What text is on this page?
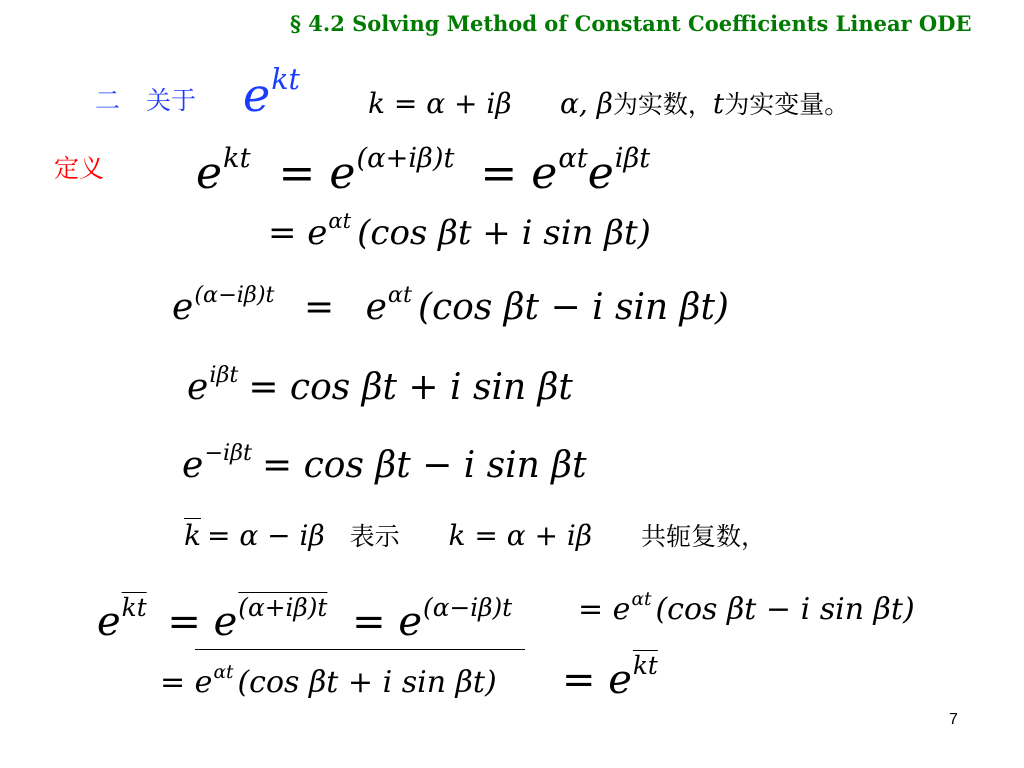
§ 4.2 Solving Method of Constant Coefficients Linear ODE
二 关于 $e^{kt}$
k = α + iβ α, β为实数，t为实变量。
定义 $e^{kt} = e^{(\alpha+i\beta)t} = e^{\alpha t}e^{i\beta t}$
= $e^{\alpha t}$ (cos βt + i sin βt)
$e^{(\alpha-i\beta)t} = e^{\alpha t}$ (cos βt − i sin βt)
$e^{i\beta t} = \cos \beta t + i$ sin βt
$e^{-i\beta t} = \cos \beta t - i$ sin βt
$\overline{k} = \alpha - i\beta$ 表示 k = α + iβ 共轭复数，
$e^{\overline{kt}} = e^{(\alpha+i\beta)t} = e^{(\alpha-i\beta)t} = e^{\alpha t}$ (cos βt − i sin βt)
= $e^{\alpha t}$ (cos βt + i $\sin \beta t) = e^{\overline{kt}}$
7
